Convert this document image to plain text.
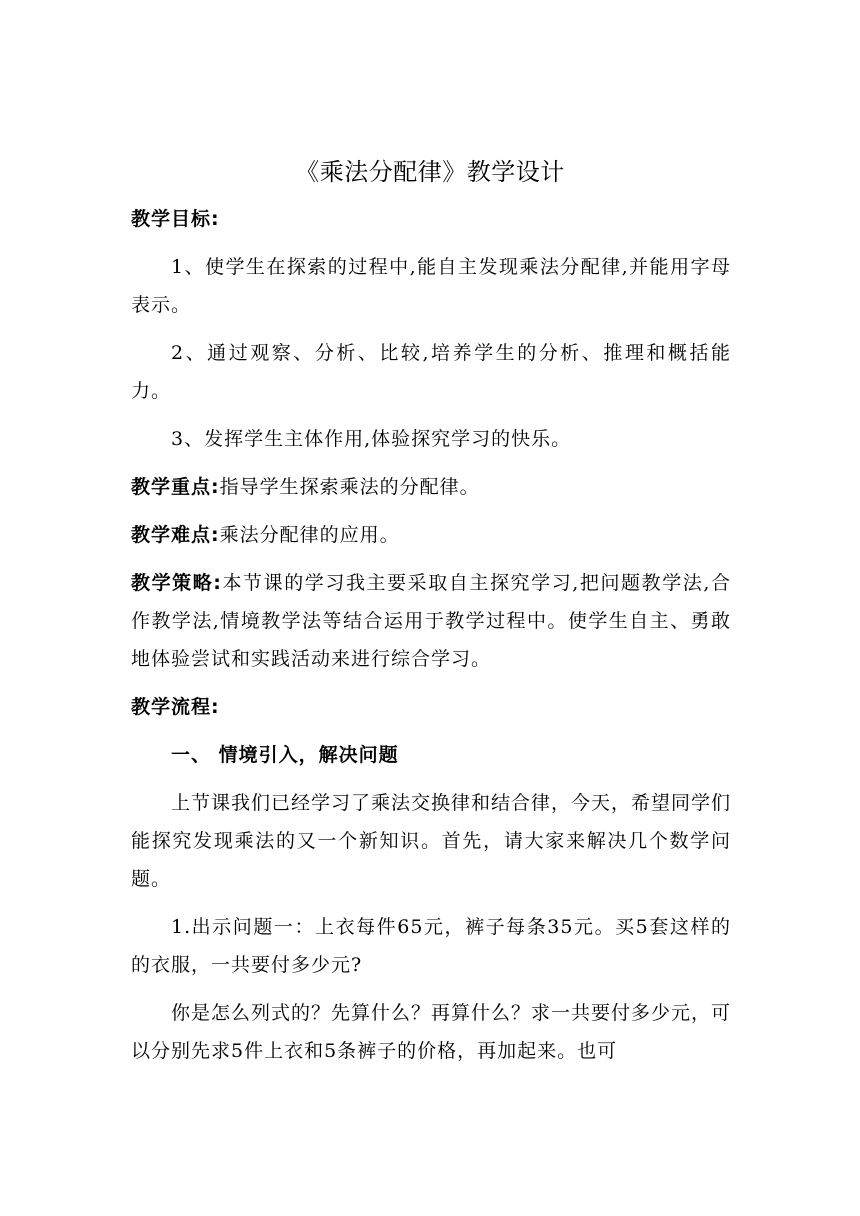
《乘法分配律》教学设计

教学目标:

1、使学生在探索的过程中,能自主发现乘法分配律,并能用字母表示。

2、通过观察、分析、比较,培养学生的分析、推理和概括能力。

3、发挥学生主体作用,体验探究学习的快乐。

教学重点:指导学生探索乘法的分配律。

教学难点:乘法分配律的应用。

教学策略:本节课的学习我主要采取自主探究学习,把问题教学法,合作教学法,情境教学法等结合运用于教学过程中。使学生自主、勇敢地体验尝试和实践活动来进行综合学习。

教学流程:

一、 情境引入，解决问题

上节课我们已经学习了乘法交换律和结合律，今天，希望同学们能探究发现乘法的又一个新知识。首先，请大家来解决几个数学问题。

1.出示问题一：上衣每件65元，裤子每条35元。买5套这样的的衣服，一共要付多少元?

你是怎么列式的？先算什么？再算什么？求一共要付多少元，可以分别先求5件上衣和5条裤子的价格，再加起来。也可
